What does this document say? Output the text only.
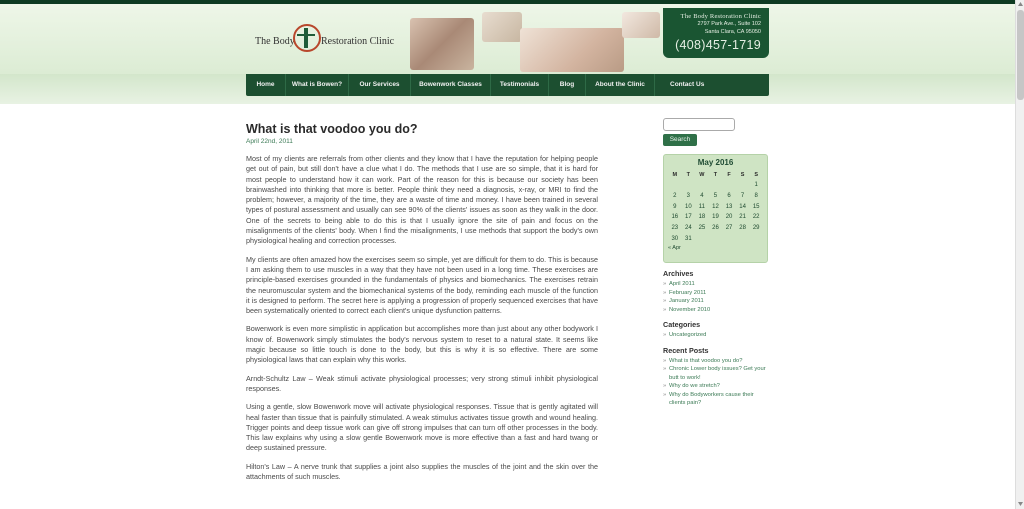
The Body	Restoration Clinic
The Body Restoration Clinic
2797 Park Ave., Suite 102
Santa Clara, CA 95050
(408)457-1719
Home	What is Bowen?	Our Services	Bowenwork Classes	Testimonials	Blog	About the Clinic	Contact Us
What is that voodoo you do?
April 22nd, 2011

Most of my clients are referrals from other clients and they know that I have the reputation for helping people get out of pain, but still don't have a clue what I do. The methods that I use are so simple, that it is hard for most people to understand how it can work. Part of the reason for this is because our society has been brainwashed into thinking that more is better. People think they need a diagnosis, x-ray, or MRI to find the problem; however, a majority of the time, they are a waste of time and money. I have been trained in several types of postural assessment and usually can see 90% of the clients' issues as soon as they walk in the door. One of the secrets to being able to do this is that I usually ignore the site of pain and focus on the misalignments of the clients' body. When I find the misalignments, I use methods that support the body's own physiological healing and correction processes.

My clients are often amazed how the exercises seem so simple, yet are difficult for them to do. This is because I am asking them to use muscles in a way that they have not been used in a long time. These exercises are principle-based exercises grounded in the fundamentals of physics and biomechanics. The exercises retrain the neuromuscular system and the biomechanical systems of the body, reminding each muscle of the function it is designed to perform. The secret here is applying a progression of properly sequenced exercises that have been systematically oriented to correct each client's unique dysfunction patterns.

Bowenwork is even more simplistic in application but accomplishes more than just about any other bodywork I know of. Bowenwork simply stimulates the body's nervous system to reset to a natural state. It seems like magic because so little touch is done to the body, but this is why it is so effective. There are some physiological laws that can explain why this works.

Arndt-Schultz Law – Weak stimuli activate physiological processes; very strong stimuli inhibit physiological responses.

Using a gentle, slow Bowenwork move will activate physiological responses. Tissue that is gently agitated will heal faster than tissue that is painfully stimulated. A weak stimulus activates tissue growth and wound healing. Trigger points and deep tissue work can give off strong impulses that can turn off other processes in the body. This law explains why using a slow gentle Bowenwork move is more effective than a fast and hard twang or deep sustained pressure.

Hilton's Law – A nerve trunk that supplies a joint also supplies the muscles of the joint and the skin over the attachments of such muscles.

Search
May 2016
M	T	W	T	F	S	S
						1
2	3	4	5	6	7	8
9	10	11	12	13	14	15
16	17	18	19	20	21	22
23	24	25	26	27	28	29
30	31					
« Apr
Archives
» April 2011
» February 2011
» January 2011
» November 2010
Categories
» Uncategorized
Recent Posts
» What is that voodoo you do?
» Chronic Lower body issues? Get your butt to work!
» Why do we stretch?
» Why do Bodyworkers cause their clients pain?
